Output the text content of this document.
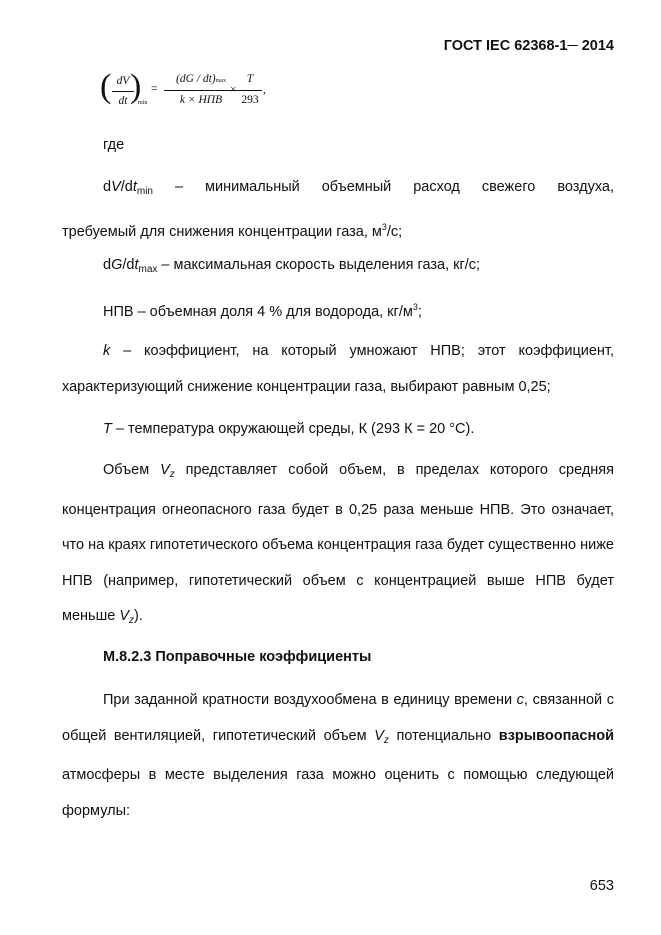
ГОСТ IEC 62368-1─ 2014
( dV
dt )
min
=
(dG / dt)max
k × НПВ
×
T
293
,

где

$dV/dt_{min}$ – минимальный объемный расход свежего воздуха,

требуемый для снижения концентрации газа, $м^3/с$;

$dG/dt_{max}$ – максимальная скорость выделения газа, кг/с;

НПВ – объемная доля 4 % для водорода, $кг/м^3$;

k – коэффициент, на который умножают НПВ; этот коэффициент,

характеризующий снижение концентрации газа, выбирают равным 0,25;

T – температура окружающей среды, К (293 К = 20 °C).

Объем $V_z$ представляет собой объем, в пределах которого средняя концентрация огнеопасного газа будет в 0,25 раза меньше НПВ. Это означает, что на краях гипотетического объема концентрация газа будет существенно ниже НПВ (например, гипотетический объем с концентрацией выше НПВ будет меньше $V_z$).

М.8.2.3 Поправочные коэффициенты

При заданной кратности воздухообмена в единицу времени c, связанной с общей вентиляцией, гипотетический объем $V_z$ потенциально взрывоопасной атмосферы в месте выделения газа можно оценить с помощью следующей формулы:

653
